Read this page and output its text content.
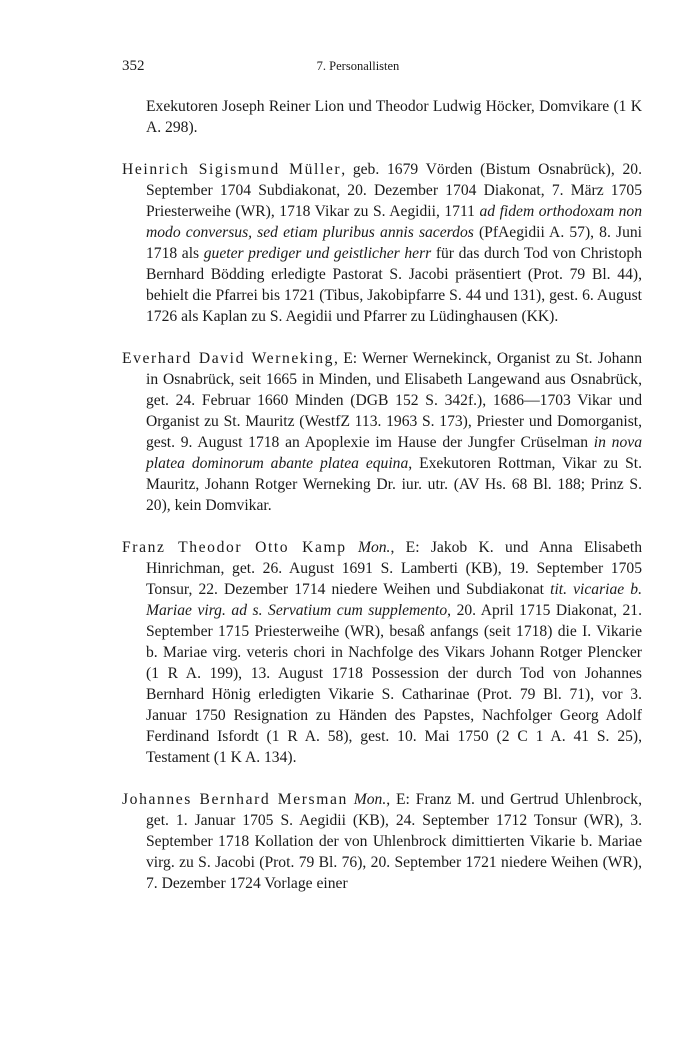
352	7. Personallisten

Exekutoren Joseph Reiner Lion und Theodor Ludwig Höcker, Domvikare (1 K A. 298).

Heinrich Sigismund Müller, geb. 1679 Vörden (Bistum Osnabrück), 20. September 1704 Subdiakonat, 20. Dezember 1704 Diakonat, 7. März 1705 Priesterweihe (WR), 1718 Vikar zu S. Aegidii, 1711 ad fidem orthodoxam non modo conversus, sed etiam pluribus annis sacerdos (PfAegidii A. 57), 8. Juni 1718 als gueter prediger und geistlicher herr für das durch Tod von Christoph Bernhard Bödding erledigte Pastorat S. Jacobi präsentiert (Prot. 79 Bl. 44), behielt die Pfarrei bis 1721 (Tibus, Jakobipfarre S. 44 und 131), gest. 6. August 1726 als Kaplan zu S. Aegidii und Pfarrer zu Lüdinghausen (KK).

Everhard David Werneking, E: Werner Wernekinck, Organist zu St. Johann in Osnabrück, seit 1665 in Minden, und Elisabeth Langewand aus Osnabrück, get. 24. Februar 1660 Minden (DGB 152 S. 342f.), 1686—1703 Vikar und Organist zu St. Mauritz (WestfZ 113. 1963 S. 173), Priester und Domorganist, gest. 9. August 1718 an Apoplexie im Hause der Jungfer Crüselman in nova platea dominorum abante platea equina, Exekutoren Rottman, Vikar zu St. Mauritz, Johann Rotger Werneking Dr. iur. utr. (AV Hs. 68 Bl. 188; Prinz S. 20), kein Domvikar.

Franz Theodor Otto Kamp Mon., E: Jakob K. und Anna Elisabeth Hinrichman, get. 26. August 1691 S. Lamberti (KB), 19. September 1705 Tonsur, 22. Dezember 1714 niedere Weihen und Subdiakonat tit. vicariae b. Mariae virg. ad s. Servatium cum supplemento, 20. April 1715 Diakonat, 21. September 1715 Priesterweihe (WR), besaß anfangs (seit 1718) die I. Vikarie b. Mariae virg. veteris chori in Nachfolge des Vikars Johann Rotger Plencker (1 R A. 199), 13. August 1718 Possession der durch Tod von Johannes Bernhard Hönig erledigten Vikarie S. Catharinae (Prot. 79 Bl. 71), vor 3. Januar 1750 Resignation zu Händen des Papstes, Nachfolger Georg Adolf Ferdinand Isfordt (1 R A. 58), gest. 10. Mai 1750 (2 C 1 A. 41 S. 25), Testament (1 K A. 134).

Johannes Bernhard Mersman Mon., E: Franz M. und Gertrud Uhlenbrock, get. 1. Januar 1705 S. Aegidii (KB), 24. September 1712 Tonsur (WR), 3. September 1718 Kollation der von Uhlenbrock dimittierten Vikarie b. Mariae virg. zu S. Jacobi (Prot. 79 Bl. 76), 20. September 1721 niedere Weihen (WR), 7. Dezember 1724 Vorlage einer
